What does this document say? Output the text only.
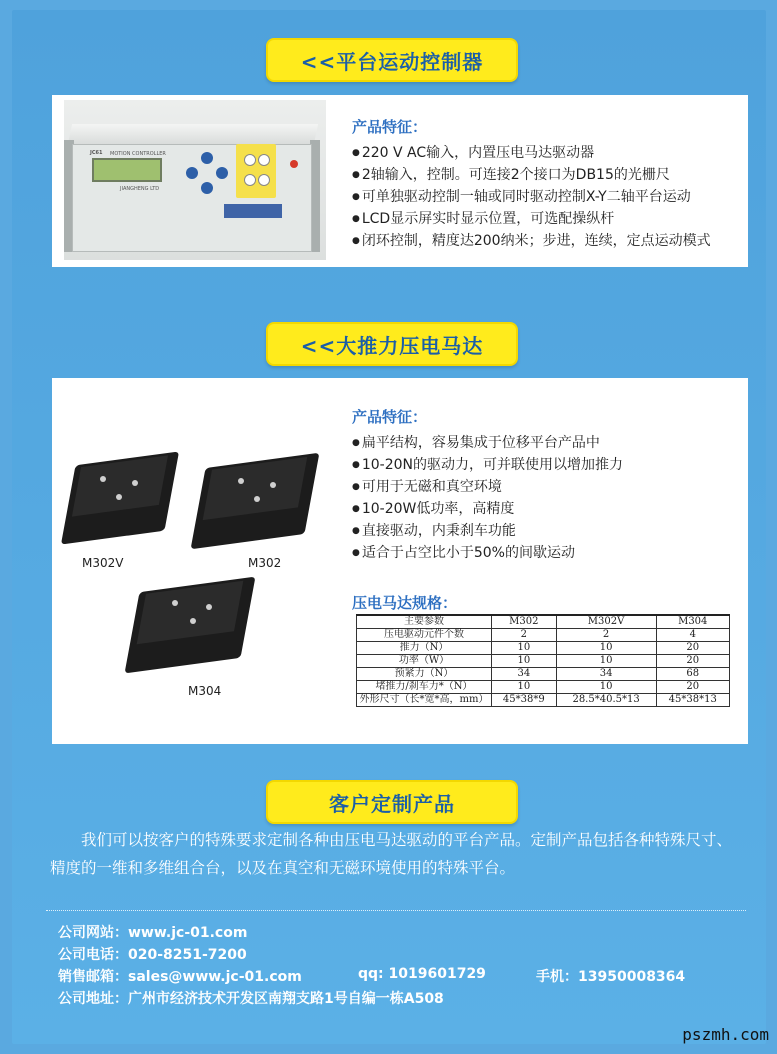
<<平台运动控制器
JC61 MOTION CONTROLLER
JIANGHENG LTD
产品特征：
● 220 V AC输入，内置压电马达驱动器
● 2轴输入，控制。可连接2个接口为DB15的光栅尺
● 可单独驱动控制一轴或同时驱动控制X-Y二轴平台运动
● LCD显示屏实时显示位置，可选配操纵杆
● 闭环控制，精度达200纳米；步进，连续，定点运动模式
<<大推力压电马达
M302V	M302
M304
产品特征：
● 扁平结构，容易集成于位移平台产品中
● 10-20N的驱动力，可并联使用以增加推力
● 可用于无磁和真空环境
● 10-20W低功率，高精度
● 直接驱动，内秉刹车功能
● 适合于占空比小于50%的间歇运动
压电马达规格：
主要参数	M302	M302V	M304
压电驱动元件个数	2	2	4
推力（N）	10	10	20
功率（W）	10	10	20
预紧力（N）	34	34	68
堵推力/刹车力*（N）	10	10	20
外形尺寸（长*宽*高，mm）	45*38*9	28.5*40.5*13	45*38*13
客户定制产品
我们可以按客户的特殊要求定制各种由压电马达驱动的平台产品。定制产品包括各种特殊尺寸、精度的一维和多维组合台，以及在真空和无磁环境使用的特殊平台。
公司网站：www.jc-01.com
公司电话：020-8251-7200
销售邮箱：sales@www.jc-01.com	qq: 1019601729	手机：13950008364
公司地址：广州市经济技术开发区南翔支路1号自编一栋A508
pszmh.com
